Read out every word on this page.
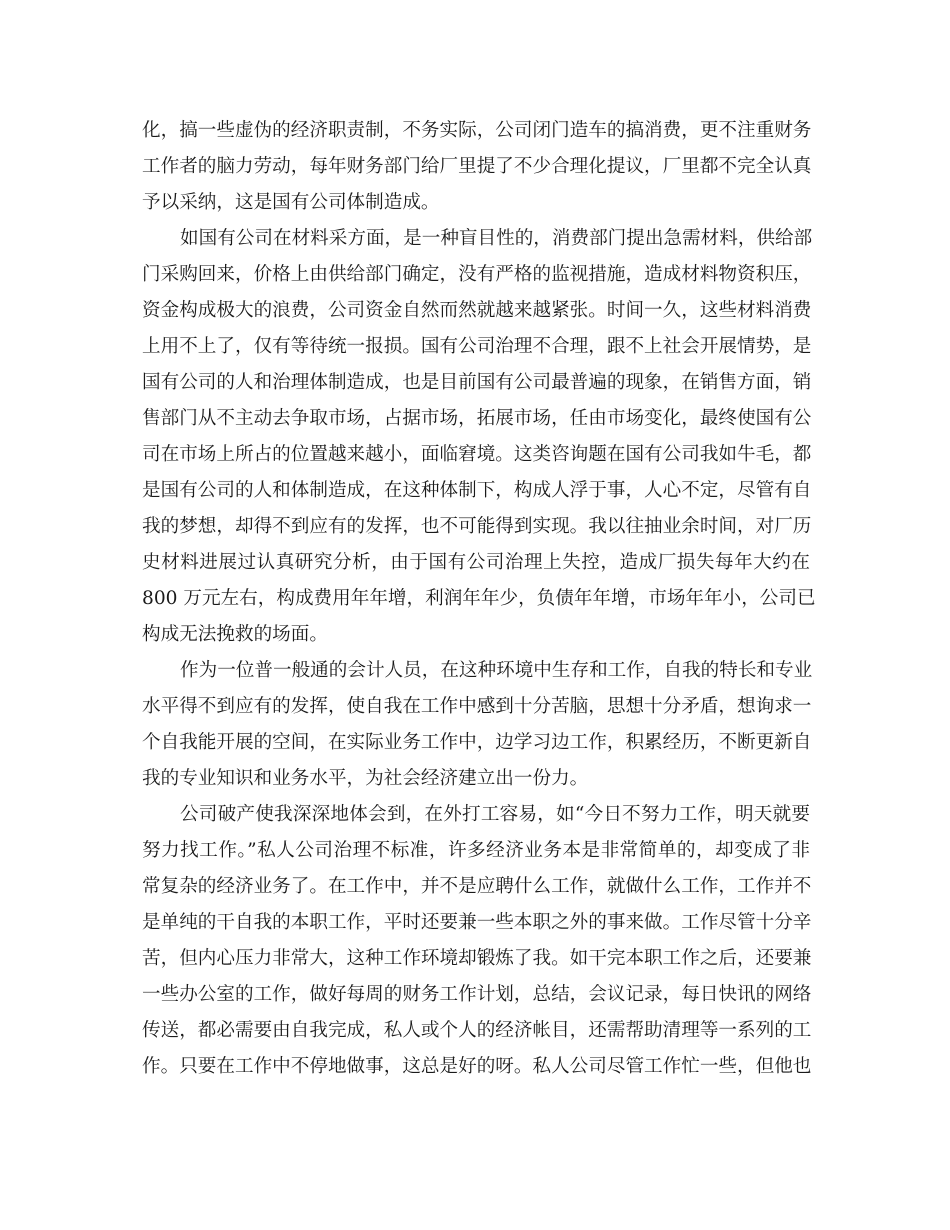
化，搞一些虚伪的经济职责制，不务实际，公司闭门造车的搞消费，更不注重财务
工作者的脑力劳动，每年财务部门给厂里提了不少合理化提议，厂里都不完全认真
予以采纳，这是国有公司体制造成。
如国有公司在材料采方面，是一种盲目性的，消费部门提出急需材料，供给部
门采购回来，价格上由供给部门确定，没有严格的监视措施，造成材料物资积压，
资金构成极大的浪费，公司资金自然而然就越来越紧张。时间一久，这些材料消费
上用不上了，仅有等待统一报损。国有公司治理不合理，跟不上社会开展情势，是
国有公司的人和治理体制造成，也是目前国有公司最普遍的现象，在销售方面，销
售部门从不主动去争取市场，占据市场，拓展市场，任由市场变化，最终使国有公
司在市场上所占的位置越来越小，面临窘境。这类咨询题在国有公司我如牛毛，都
是国有公司的人和体制造成，在这种体制下，构成人浮于事，人心不定，尽管有自
我的梦想，却得不到应有的发挥，也不可能得到实现。我以往抽业余时间，对厂历
史材料进展过认真研究分析，由于国有公司治理上失控，造成厂损失每年大约在
800 万元左右，构成费用年年增，利润年年少，负债年年增，市场年年小，公司已
构成无法挽救的场面。
作为一位普一般通的会计人员，在这种环境中生存和工作，自我的特长和专业
水平得不到应有的发挥，使自我在工作中感到十分苦脑，思想十分矛盾，想询求一
个自我能开展的空间，在实际业务工作中，边学习边工作，积累经历，不断更新自
我的专业知识和业务水平，为社会经济建立出一份力。
公司破产使我深深地体会到，在外打工容易，如“今日不努力工作，明天就要
努力找工作。”私人公司治理不标准，许多经济业务本是非常简单的，却变成了非
常复杂的经济业务了。在工作中，并不是应聘什么工作，就做什么工作，工作并不
是单纯的干自我的本职工作，平时还要兼一些本职之外的事来做。工作尽管十分辛
苦，但内心压力非常大，这种工作环境却锻炼了我。如干完本职工作之后，还要兼
一些办公室的工作，做好每周的财务工作计划，总结，会议记录，每日快讯的网络
传送，都必需要由自我完成，私人或个人的经济帐目，还需帮助清理等一系列的工
作。只要在工作中不停地做事，这总是好的呀。私人公司尽管工作忙一些，但他也
